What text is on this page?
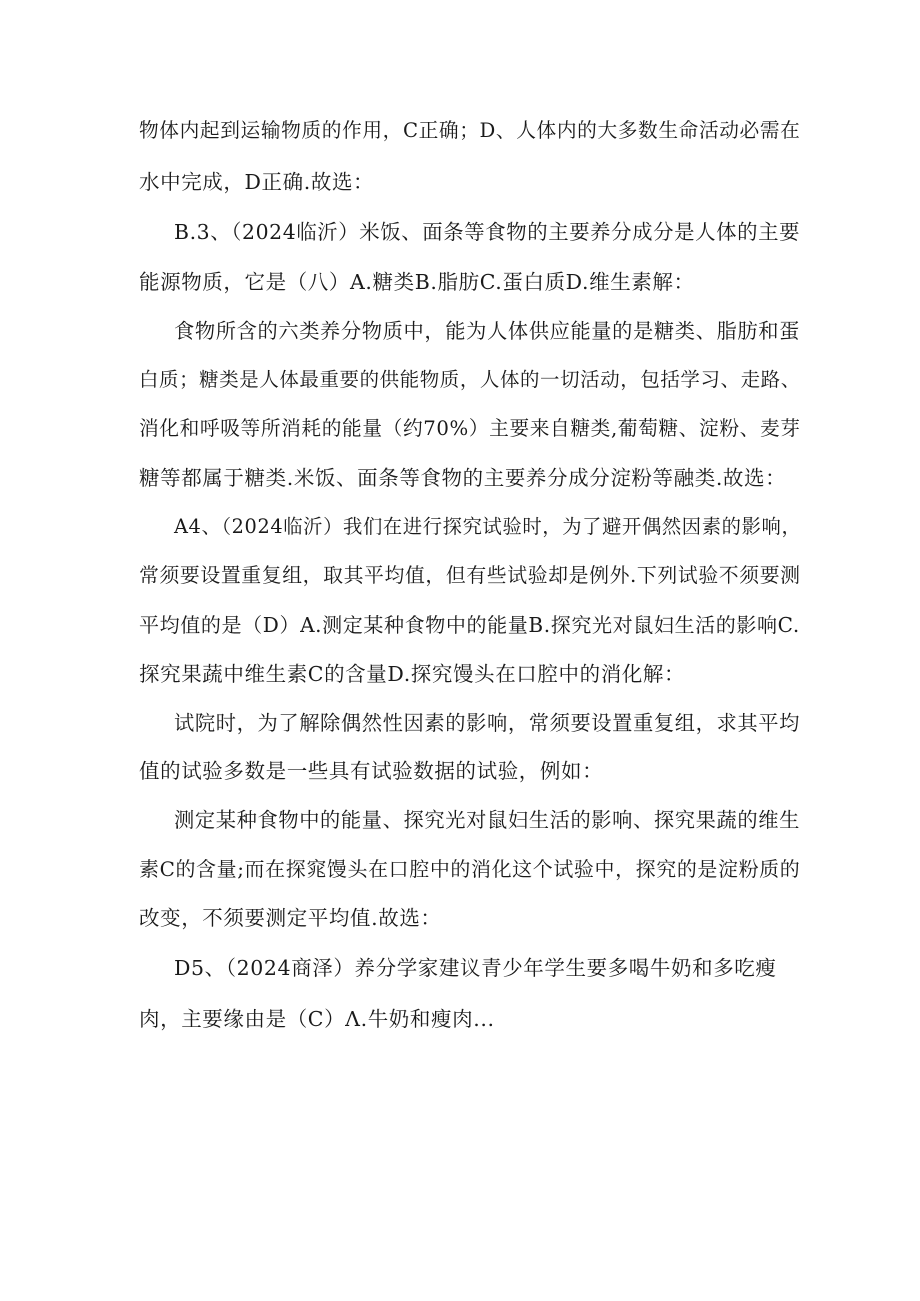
物体内起到运输物质的作用，C正确；D、人体内的大多数生命活动必需在
水中完成，D正确.故选：
B.3、（2024临沂）米饭、面条等食物的主要养分成分是人体的主要
能源物质，它是（八）A.糖类B.脂肪C.蛋白质D.维生素解：
食物所含的六类养分物质中，能为人体供应能量的是糖类、脂肪和蛋
白质；糖类是人体最重要的供能物质，人体的一切活动，包括学习、走路、
消化和呼吸等所消耗的能量（约70%）主要来自糖类,葡萄糖、淀粉、麦芽
糖等都属于糖类.米饭、面条等食物的主要养分成分淀粉等融类.故选：
A4、（2024临沂）我们在进行探究试验时，为了避开偶然因素的影响，
常须要设置重复组，取其平均值，但有些试验却是例外.下列试验不须要测
平均值的是（D）A.测定某种食物中的能量B.探究光对鼠妇生活的影响C.
探究果蔬中维生素C的含量D.探究馒头在口腔中的消化解：
试院时，为了解除偶然性因素的影响，常须要设置重复组，求其平均
值的试验多数是一些具有试验数据的试验，例如：
测定某种食物中的能量、探究光对鼠妇生活的影响、探究果蔬的维生
素C的含量;而在探窕馒头在口腔中的消化这个试验中，探究的是淀粉质的
改变，不须要测定平均值.故选：
D5、（2024商泽）养分学家建议青少年学生要多喝牛奶和多吃瘦
肉，主要缘由是（C）Λ.牛奶和瘦肉...
